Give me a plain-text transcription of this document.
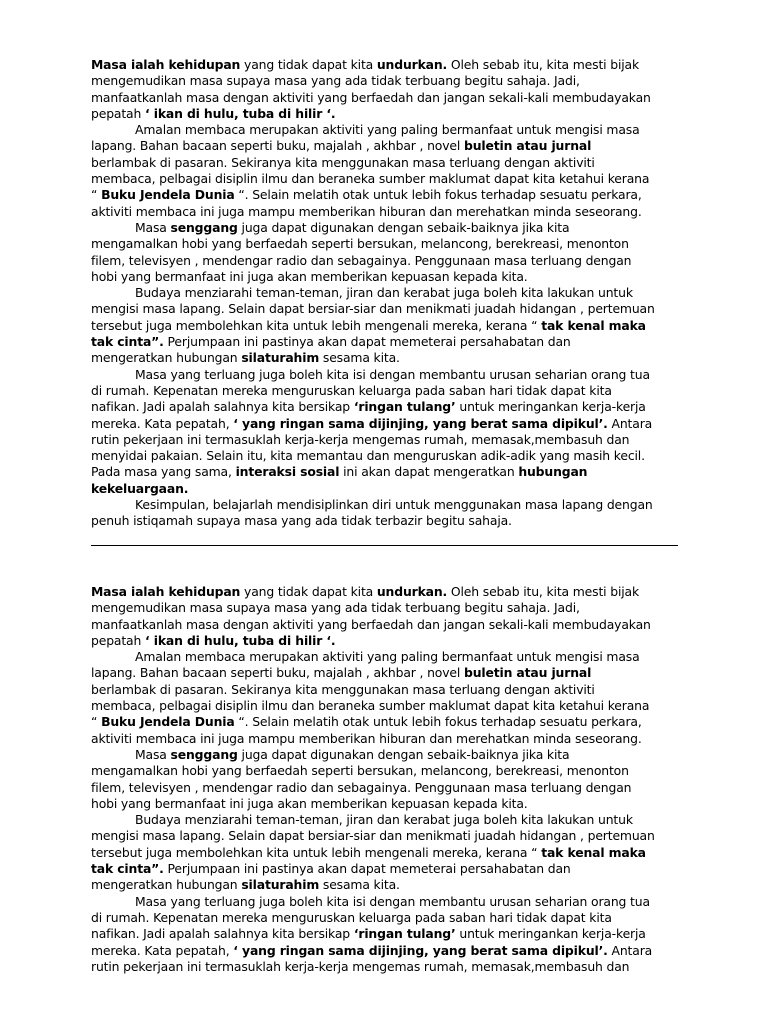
Masa ialah kehidupan yang tidak dapat kita undurkan. Oleh sebab itu, kita mesti bijak

mengemudikan masa supaya masa yang ada tidak terbuang begitu sahaja. Jadi,

manfaatkanlah masa dengan aktiviti yang berfaedah dan jangan sekali-kali membudayakan

pepatah ‘ ikan di hulu, tuba di hilir ‘.

Amalan membaca merupakan aktiviti yang paling bermanfaat untuk mengisi masa

lapang. Bahan bacaan seperti buku, majalah , akhbar , novel buletin atau jurnal

berlambak di pasaran. Sekiranya kita menggunakan masa terluang dengan aktiviti

membaca, pelbagai disiplin ilmu dan beraneka sumber maklumat dapat kita ketahui kerana

“ Buku Jendela Dunia “. Selain melatih otak untuk lebih fokus terhadap sesuatu perkara,

aktiviti membaca ini juga mampu memberikan hiburan dan merehatkan minda seseorang.

Masa senggang juga dapat digunakan dengan sebaik-baiknya jika kita

mengamalkan hobi yang berfaedah seperti bersukan, melancong, berekreasi, menonton

filem, televisyen , mendengar radio dan sebagainya. Penggunaan masa terluang dengan

hobi yang bermanfaat ini juga akan memberikan kepuasan kepada kita.

Budaya menziarahi teman-teman, jiran dan kerabat juga boleh kita lakukan untuk

mengisi masa lapang. Selain dapat bersiar-siar dan menikmati juadah hidangan , pertemuan

tersebut juga membolehkan kita untuk lebih mengenali mereka, kerana “ tak kenal maka

tak cinta”. Perjumpaan ini pastinya akan dapat memeterai persahabatan dan

mengeratkan hubungan silaturahim sesama kita.

Masa yang terluang juga boleh kita isi dengan membantu urusan seharian orang tua

di rumah. Kepenatan mereka menguruskan keluarga pada saban hari tidak dapat kita

nafikan. Jadi apalah salahnya kita bersikap ‘ringan tulang’ untuk meringankan kerja-kerja

mereka. Kata pepatah, ‘ yang ringan sama dijinjing, yang berat sama dipikul’. Antara

rutin pekerjaan ini termasuklah kerja-kerja mengemas rumah, memasak,membasuh dan

menyidai pakaian. Selain itu, kita memantau dan menguruskan adik-adik yang masih kecil.

Pada masa yang sama, interaksi sosial ini akan dapat mengeratkan hubungan

kekeluargaan.

Kesimpulan, belajarlah mendisiplinkan diri untuk menggunakan masa lapang dengan

penuh istiqamah supaya masa yang ada tidak terbazir begitu sahaja.

Masa ialah kehidupan yang tidak dapat kita undurkan. Oleh sebab itu, kita mesti bijak

mengemudikan masa supaya masa yang ada tidak terbuang begitu sahaja. Jadi,

manfaatkanlah masa dengan aktiviti yang berfaedah dan jangan sekali-kali membudayakan

pepatah ‘ ikan di hulu, tuba di hilir ‘.

Amalan membaca merupakan aktiviti yang paling bermanfaat untuk mengisi masa

lapang. Bahan bacaan seperti buku, majalah , akhbar , novel buletin atau jurnal

berlambak di pasaran. Sekiranya kita menggunakan masa terluang dengan aktiviti

membaca, pelbagai disiplin ilmu dan beraneka sumber maklumat dapat kita ketahui kerana

“ Buku Jendela Dunia “. Selain melatih otak untuk lebih fokus terhadap sesuatu perkara,

aktiviti membaca ini juga mampu memberikan hiburan dan merehatkan minda seseorang.

Masa senggang juga dapat digunakan dengan sebaik-baiknya jika kita

mengamalkan hobi yang berfaedah seperti bersukan, melancong, berekreasi, menonton

filem, televisyen , mendengar radio dan sebagainya. Penggunaan masa terluang dengan

hobi yang bermanfaat ini juga akan memberikan kepuasan kepada kita.

Budaya menziarahi teman-teman, jiran dan kerabat juga boleh kita lakukan untuk

mengisi masa lapang. Selain dapat bersiar-siar dan menikmati juadah hidangan , pertemuan

tersebut juga membolehkan kita untuk lebih mengenali mereka, kerana “ tak kenal maka

tak cinta”. Perjumpaan ini pastinya akan dapat memeterai persahabatan dan

mengeratkan hubungan silaturahim sesama kita.

Masa yang terluang juga boleh kita isi dengan membantu urusan seharian orang tua

di rumah. Kepenatan mereka menguruskan keluarga pada saban hari tidak dapat kita

nafikan. Jadi apalah salahnya kita bersikap ‘ringan tulang’ untuk meringankan kerja-kerja

mereka. Kata pepatah, ‘ yang ringan sama dijinjing, yang berat sama dipikul’. Antara

rutin pekerjaan ini termasuklah kerja-kerja mengemas rumah, memasak,membasuh dan
